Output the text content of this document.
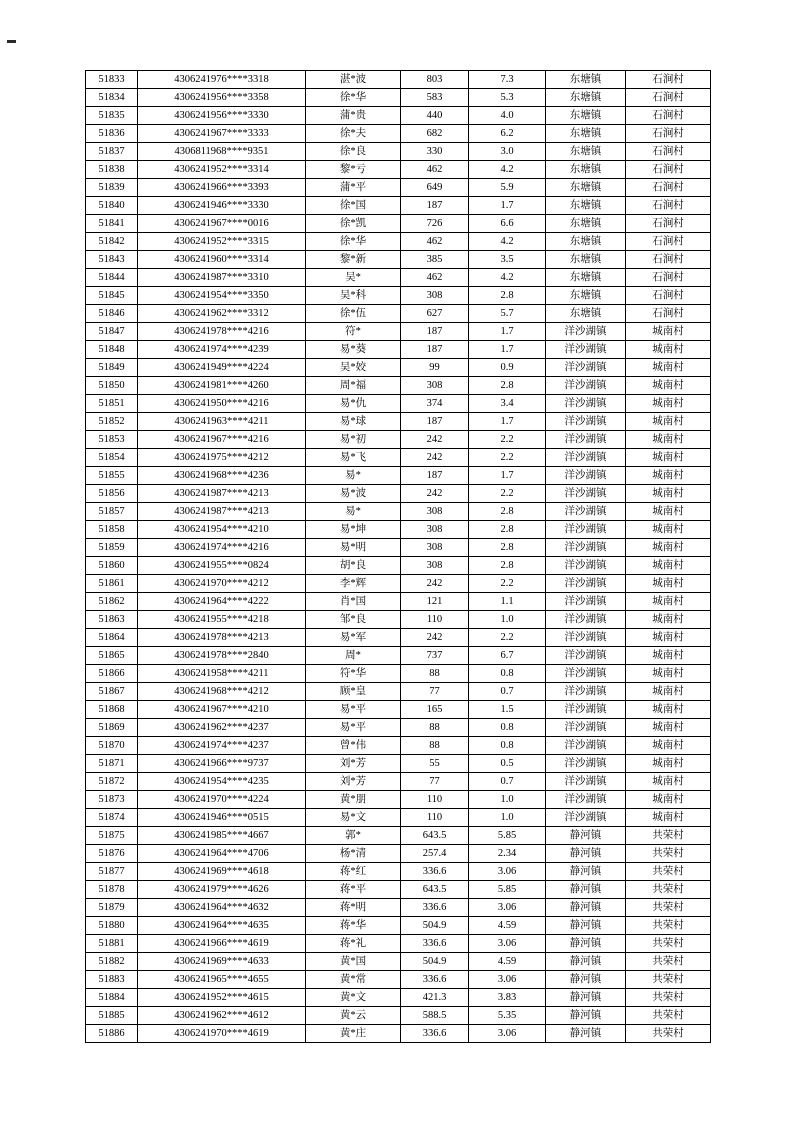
51833	4306241976****3318	湛*波	803	7.3	东塘镇	石涧村
51834	4306241956****3358	徐*华	583	5.3	东塘镇	石涧村
51835	4306241956****3330	蒲*贵	440	4.0	东塘镇	石涧村
51836	4306241967****3333	徐*夫	682	6.2	东塘镇	石涧村
51837	4306811968****9351	徐*良	330	3.0	东塘镇	石涧村
51838	4306241952****3314	黎*亏	462	4.2	东塘镇	石涧村
51839	4306241966****3393	蒲*平	649	5.9	东塘镇	石涧村
51840	4306241946****3330	徐*国	187	1.7	东塘镇	石涧村
51841	4306241967****0016	徐*凯	726	6.6	东塘镇	石涧村
51842	4306241952****3315	徐*华	462	4.2	东塘镇	石涧村
51843	4306241960****3314	黎*新	385	3.5	东塘镇	石涧村
51844	4306241987****3310	吴*	462	4.2	东塘镇	石涧村
51845	4306241954****3350	吴*科	308	2.8	东塘镇	石涧村
51846	4306241962****3312	徐*伍	627	5.7	东塘镇	石涧村
51847	4306241978****4216	符*	187	1.7	洋沙湖镇	城南村
51848	4306241974****4239	易*葵	187	1.7	洋沙湖镇	城南村
51849	4306241949****4224	吴*姣	99	0.9	洋沙湖镇	城南村
51850	4306241981****4260	周*福	308	2.8	洋沙湖镇	城南村
51851	4306241950****4216	易*仇	374	3.4	洋沙湖镇	城南村
51852	4306241963****4211	易*球	187	1.7	洋沙湖镇	城南村
51853	4306241967****4216	易*初	242	2.2	洋沙湖镇	城南村
51854	4306241975****4212	易*飞	242	2.2	洋沙湖镇	城南村
51855	4306241968****4236	易*	187	1.7	洋沙湖镇	城南村
51856	4306241987****4213	易*波	242	2.2	洋沙湖镇	城南村
51857	4306241987****4213	易*	308	2.8	洋沙湖镇	城南村
51858	4306241954****4210	易*坤	308	2.8	洋沙湖镇	城南村
51859	4306241974****4216	易*明	308	2.8	洋沙湖镇	城南村
51860	4306241955****0824	胡*良	308	2.8	洋沙湖镇	城南村
51861	4306241970****4212	李*辉	242	2.2	洋沙湖镇	城南村
51862	4306241964****4222	肖*国	121	1.1	洋沙湖镇	城南村
51863	4306241955****4218	邹*良	110	1.0	洋沙湖镇	城南村
51864	4306241978****4213	易*军	242	2.2	洋沙湖镇	城南村
51865	4306241978****2840	周*	737	6.7	洋沙湖镇	城南村
51866	4306241958****4211	符*华	88	0.8	洋沙湖镇	城南村
51867	4306241968****4212	顾*皇	77	0.7	洋沙湖镇	城南村
51868	4306241967****4210	易*平	165	1.5	洋沙湖镇	城南村
51869	4306241962****4237	易*平	88	0.8	洋沙湖镇	城南村
51870	4306241974****4237	曾*伟	88	0.8	洋沙湖镇	城南村
51871	4306241966****9737	刘*芳	55	0.5	洋沙湖镇	城南村
51872	4306241954****4235	刘*芳	77	0.7	洋沙湖镇	城南村
51873	4306241970****4224	黄*朋	110	1.0	洋沙湖镇	城南村
51874	4306241946****0515	易*文	110	1.0	洋沙湖镇	城南村
51875	4306241985****4667	郭*	643.5	5.85	静河镇	共荣村
51876	4306241964****4706	杨*清	257.4	2.34	静河镇	共荣村
51877	4306241969****4618	蒋*红	336.6	3.06	静河镇	共荣村
51878	4306241979****4626	蒋*平	643.5	5.85	静河镇	共荣村
51879	4306241964****4632	蒋*明	336.6	3.06	静河镇	共荣村
51880	4306241964****4635	蒋*华	504.9	4.59	静河镇	共荣村
51881	4306241966****4619	蒋*礼	336.6	3.06	静河镇	共荣村
51882	4306241969****4633	黄*国	504.9	4.59	静河镇	共荣村
51883	4306241965****4655	黄*常	336.6	3.06	静河镇	共荣村
51884	4306241952****4615	黄*文	421.3	3.83	静河镇	共荣村
51885	4306241962****4612	黄*云	588.5	5.35	静河镇	共荣村
51886	4306241970****4619	黄*庄	336.6	3.06	静河镇	共荣村
